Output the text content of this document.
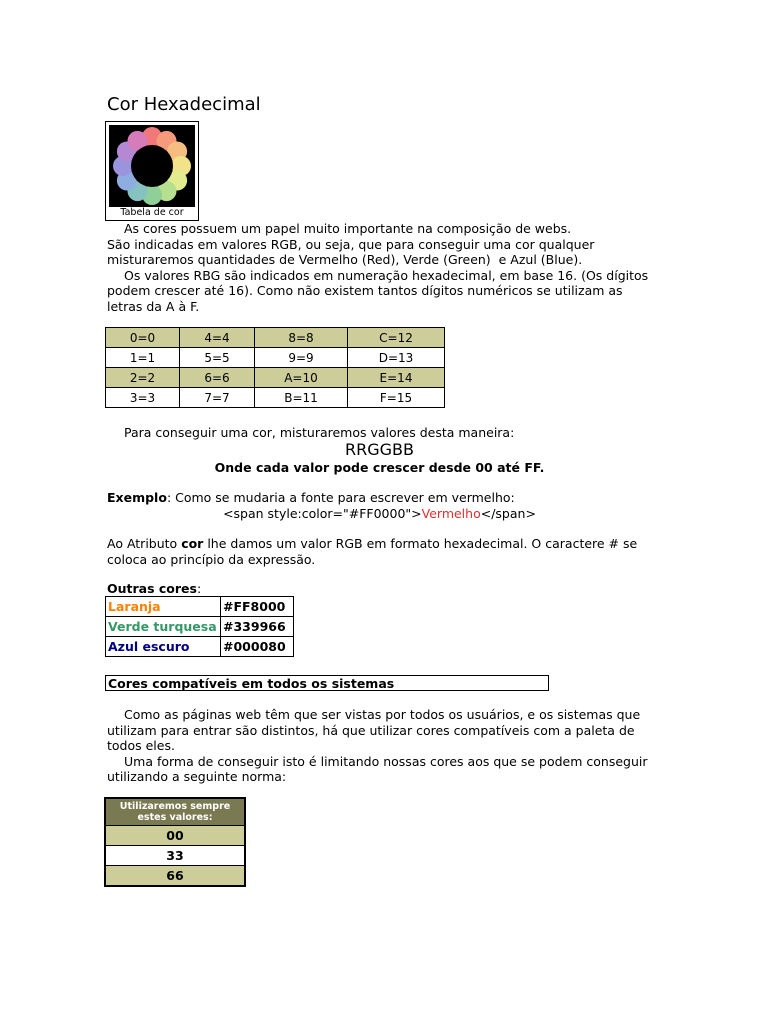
Cor Hexadecimal
Tabela de cor
As cores possuem um papel muito importante na composição de webs.
São indicadas em valores RGB, ou seja, que para conseguir uma cor qualquer
misturaremos quantidades de Vermelho (Red), Verde (Green)  e Azul (Blue).
Os valores RBG são indicados em numeração hexadecimal, em base 16. (Os dígitos
podem crescer até 16). Como não existem tantos dígitos numéricos se utilizam as
letras da A à F.
0=0	4=4	8=8	C=12
1=1	5=5	9=9	D=13
2=2	6=6	A=10	E=14
3=3	7=7	B=11	F=15
Para conseguir uma cor, misturaremos valores desta maneira:
RRGGBB
Onde cada valor pode crescer desde 00 até FF.
Exemplo: Como se mudaria a fonte para escrever em vermelho:
<span style:color="#FF0000">Vermelho</span>
Ao Atributo cor lhe damos um valor RGB em formato hexadecimal. O caractere # se
coloca ao princípio da expressão.
Outras cores:
Laranja	#FF8000
Verde turquesa	#339966
Azul escuro	#000080
Cores compatíveis em todos os sistemas
Como as páginas web têm que ser vistas por todos os usuários, e os sistemas que
utilizam para entrar são distintos, há que utilizar cores compatíveis com a paleta de
todos eles.
Uma forma de conseguir isto é limitando nossas cores aos que se podem conseguir
utilizando a seguinte norma:
Utilizaremos sempre
estes valores:
00
33
66
